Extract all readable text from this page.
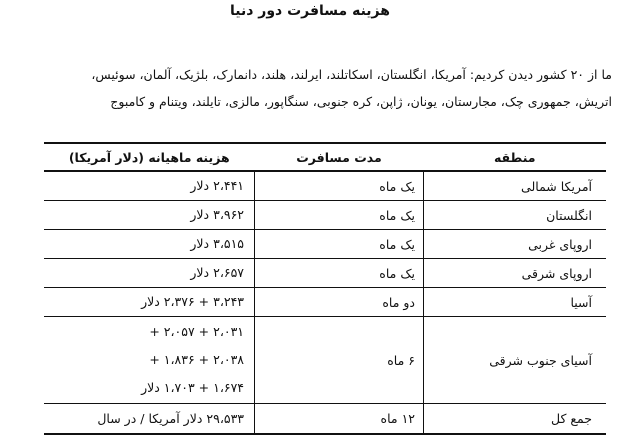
هزینه مسافرت دور دنیا
ما از ۲۰ کشور دیدن کردیم: آمریکا، انگلستان، اسکاتلند، ایرلند، هلند، دانمارک، بلژیک، آلمان، سوئیس،
اتریش، جمهوری چک، مجارستان، یونان، ژاپن، کره جنوبی، سنگاپور، مالزی، تایلند، ویتنام و کامبوج
منطقه	مدت مسافرت	هزینه ماهیانه (دلار آمریکا)
آمریکا شمالی	یک ماه	۲،۴۴۱ دلار

انگلستان	یک ماه	۳،۹۶۲ دلار

اروپای غربی	یک ماه	۳،۵۱۵ دلار

اروپای شرقی	یک ماه	۲،۶۵۷ دلار

آسیا	دو ماه	۳،۲۴۳ + ۲،۳۷۶ دلار

آسیای جنوب شرقی	۶ ماه	۲،۰۳۱ + ۲،۰۵۷ +
۲،۰۳۸ + ۱،۸۳۶ +
۱،۶۷۴ + ۱،۷۰۳ دلار

جمع کل	۱۲ ماه	۲۹،۵۳۳ دلار آمریکا / در سال
